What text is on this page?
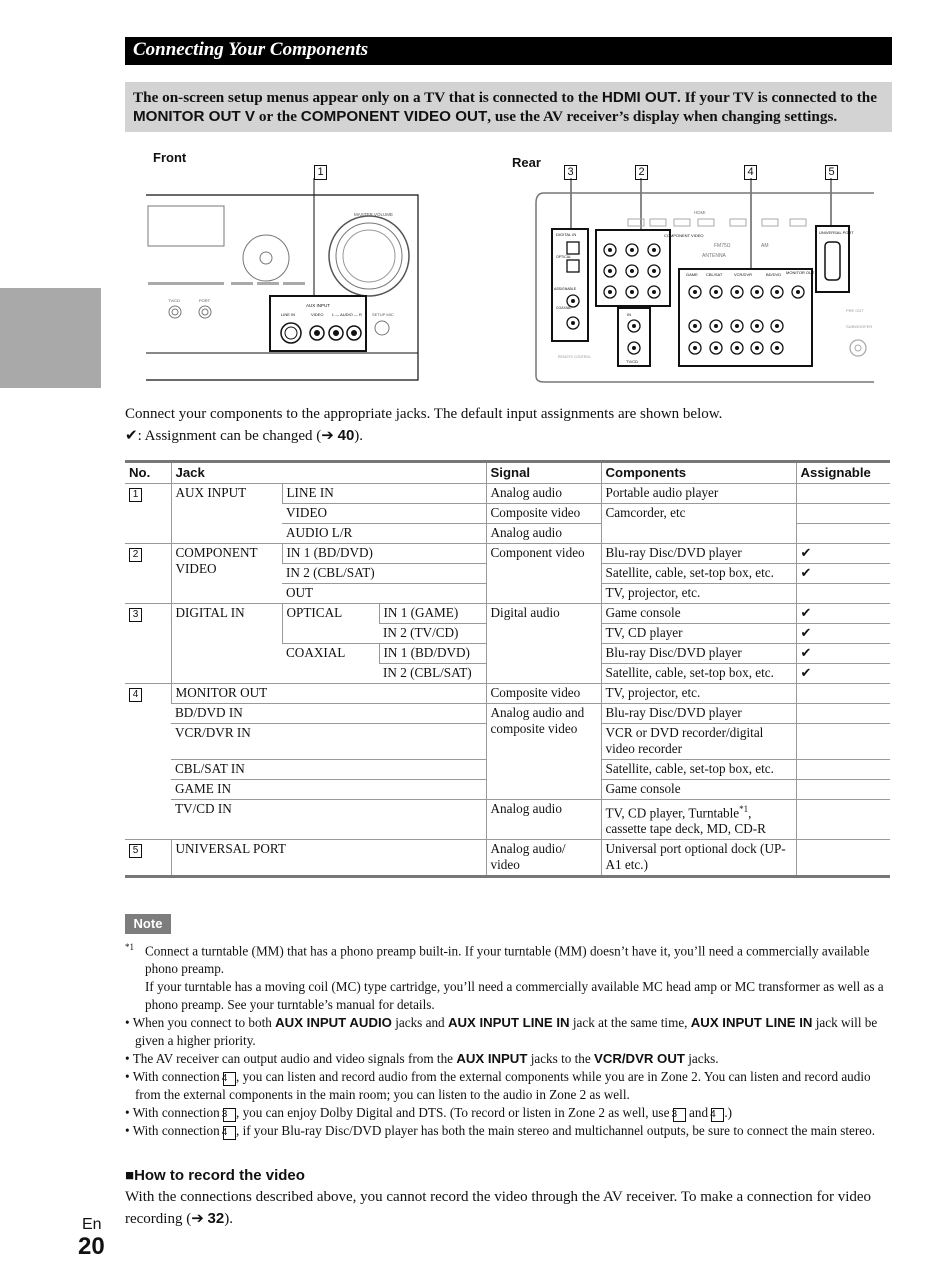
Connecting Your Components

The on-screen setup menus appear only on a TV that is connected to the HDMI OUT. If your TV is connected to the MONITOR OUT V or the COMPONENT VIDEO OUT, use the AV receiver’s display when changing settings.

Front	Rear
1	2
3	4	5
MASTER VOLUME
TV/CD	PORT
AUX INPUT
LINE IN	VIDEO L — AUDIO — R	SETUP MIC
HDMI
FM75Ω
ANTENNA
AM
DIGITAL IN
OPTICAL
ASSIGNABLE
COAXIAL
COMPONENT VIDEO
IN
TV/CD
GAME CBL/SAT	VCR/DVR	BD/DVD MONITOR OUT
UNIVERSAL PORT
PRE OUT
SUBWOOFER
REMOTE CONTROL
Connect your components to the appropriate jacks. The default input assignments are shown below.
✔: Assignment can be changed (➔ 40).
No.	Jack			Signal	Components	Assignable
1	AUX INPUT	LINE IN		Analog audio	Portable audio player	
		VIDEO		Composite video	Camcorder, etc	
		AUDIO L/R		Analog audio		
2	COMPONENT VIDEO	IN 1 (BD/DVD)		Component video	Blu-ray Disc/DVD player	✔
		IN 2 (CBL/SAT)			Satellite, cable, set-top box, etc.	✔
		OUT			TV, projector, etc.	
3	DIGITAL IN	OPTICAL	IN 1 (GAME)	Digital audio	Game console	✔
			IN 2 (TV/CD)		TV, CD player	✔
		COAXIAL	IN 1 (BD/DVD)		Blu-ray Disc/DVD player	✔
			IN 2 (CBL/SAT)		Satellite, cable, set-top box, etc.	✔
4	MONITOR OUT			Composite video	TV, projector, etc.	
	BD/DVD IN			Analog audio and composite video	Blu-ray Disc/DVD player	
	VCR/DVR IN				VCR or DVD recorder/digital video recorder	
	CBL/SAT IN				Satellite, cable, set-top box, etc.	
	GAME IN				Game console	
	TV/CD IN			Analog audio	TV, CD player, Turntable$^{*1}$, cassette tape deck, MD, CD-R	
5	UNIVERSAL PORT			Analog audio/ video	Universal port optional dock (UP-A1 etc.)	
Note

$^{*1}$ Connect a turntable (MM) that has a phono preamp built-in. If your turntable (MM) doesn’t have it, you’ll need a commercially available phono preamp.

If your turntable has a moving coil (MC) type cartridge, you’ll need a commercially available MC head amp or MC transformer as well as a phono preamp. See your turntable’s manual for details.

• When you connect to both AUX INPUT AUDIO jacks and AUX INPUT LINE IN jack at the same time, AUX INPUT LINE IN jack will be given a higher priority.

• The AV receiver can output audio and video signals from the AUX INPUT jacks to the VCR/DVR OUT jacks.

• With connection 4 , you can listen and record audio from the external components while you are in Zone 2. You can listen and record audio from the external components in the main room; you can listen to the audio in Zone 2 as well.

• With connection 3 , you can enjoy Dolby Digital and DTS. (To record or listen in Zone 2 as well, use 3 and 4 .)

• With connection 4 , if your Blu-ray Disc/DVD player has both the main stereo and multichannel outputs, be sure to connect the main stereo.

■How to record the video
With the connections described above, you cannot record the video through the AV receiver. To make a connection for video recording (➔ 32).
En
20
